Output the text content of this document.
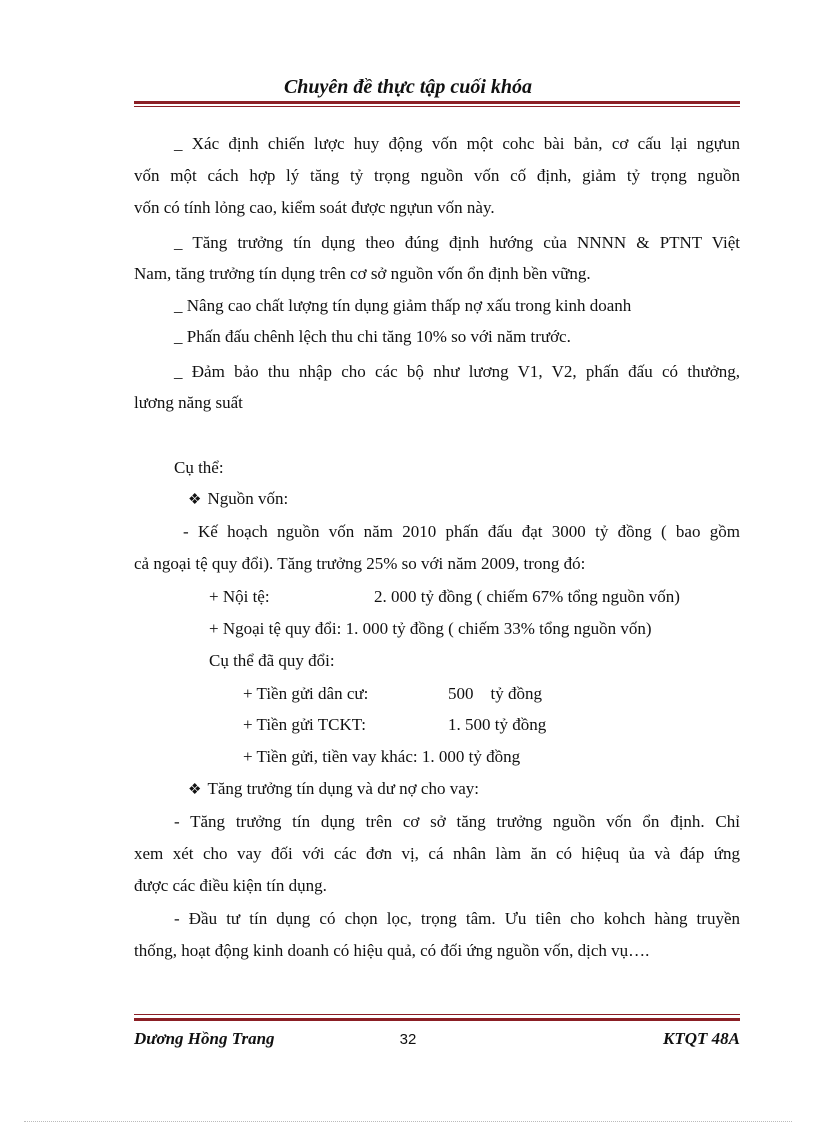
Chuyên đề thực tập cuối khóa
_ Xác định chiến lược huy động vốn một cohc bài bản, cơ cấu lại ngựun
vốn một cách hợp lý tăng tỷ trọng nguồn vốn cố định, giảm tỷ trọng nguồn
vốn có tính lỏng cao, kiểm soát được ngựun vốn này.
_ Tăng trưởng tín dụng theo đúng định hướng của NNNN & PTNT Việt
Nam, tăng trưởng tín dụng trên cơ sở nguồn vốn ổn định bền vững.
_ Nâng cao chất lượng tín dụng giảm thấp nợ xấu trong kinh doanh
_ Phấn đấu chênh lệch thu chi tăng 10% so với năm trước.
_ Đảm bảo thu nhập cho các bộ như lương V1, V2, phấn đấu có thưởng,
lương năng suất
Cụ thể:
❖ Nguồn vốn:
- Kế hoạch nguồn vốn năm 2010 phấn đấu đạt 3000 tỷ đồng ( bao gồm
cả ngoại tệ quy đổi). Tăng trưởng 25% so với năm 2009, trong đó:
+ Nội tệ:	2. 000 tỷ đồng ( chiếm 67% tổng nguồn vốn)
+ Ngoại tệ quy đổi: 1. 000 tỷ đồng ( chiếm 33% tổng nguồn vốn)
Cụ thể đã quy đổi:
+ Tiền gửi dân cư:	500    tỷ đồng
+ Tiền gửi TCKT:	1. 500 tỷ đồng
+ Tiền gửi, tiền vay khác: 1. 000 tỷ đồng
❖ Tăng trưởng tín dụng và dư nợ cho vay:
- Tăng trưởng tín dụng trên cơ sở tăng trưởng nguồn vốn ổn định. Chỉ
xem xét cho vay đối với các đơn vị, cá nhân làm ăn có hiệuq ủa và đáp ứng
được các điều kiện tín dụng.
- Đầu tư tín dụng có chọn lọc, trọng tâm. Ưu tiên cho kohch hàng truyền
thống, hoạt động kinh doanh có hiệu quả, có đối ứng nguồn vốn, dịch vụ….
Dương Hồng Trang	32	KTQT 48A
